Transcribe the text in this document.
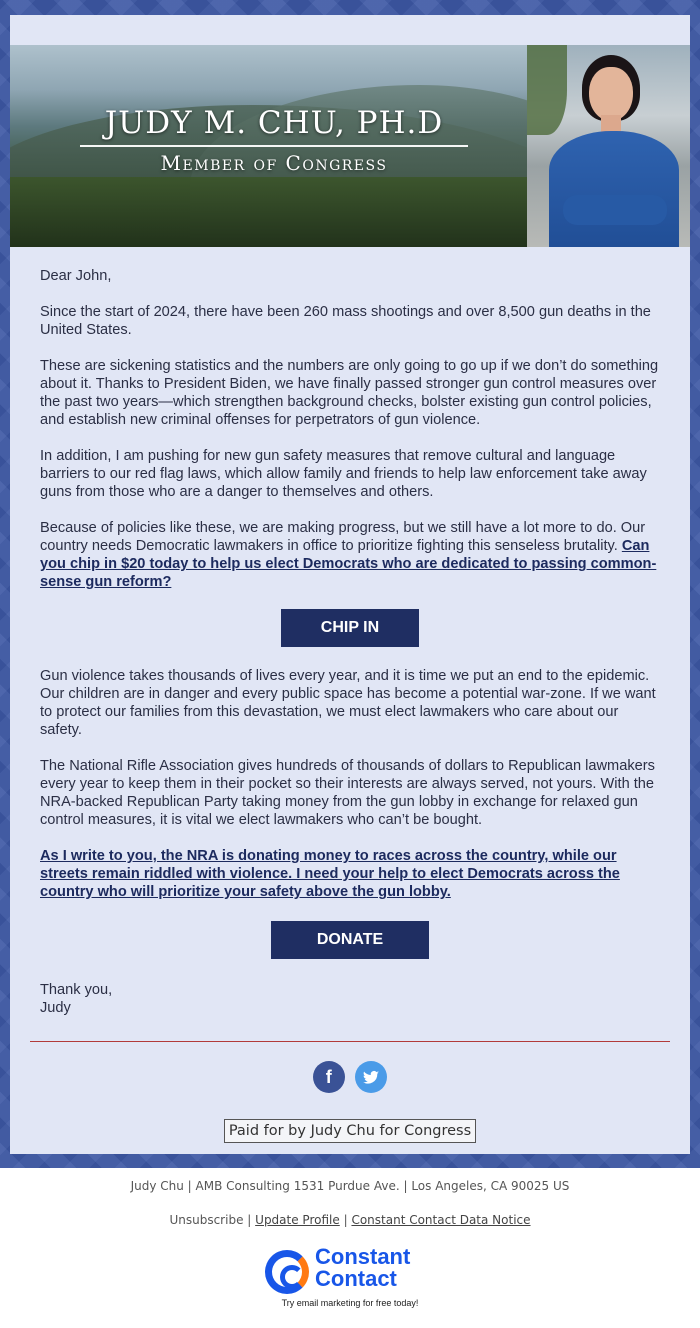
JUDY M. CHU, PH.D
Member of Congress

Dear John,

Since the start of 2024, there have been 260 mass shootings and over 8,500 gun deaths in the United States.

These are sickening statistics and the numbers are only going to go up if we don’t do something about it. Thanks to President Biden, we have finally passed stronger gun control measures over the past two years—which strengthen background checks, bolster existing gun control policies, and establish new criminal offenses for perpetrators of gun violence.

In addition, I am pushing for new gun safety measures that remove cultural and language barriers to our red flag laws, which allow family and friends to help law enforcement take away guns from those who are a danger to themselves and others.

Because of policies like these, we are making progress, but we still have a lot more to do. Our country needs Democratic lawmakers in office to prioritize fighting this senseless brutality. Can you chip in $20 today to help us elect Democrats who are dedicated to passing common-sense gun reform?

CHIP IN

Gun violence takes thousands of lives every year, and it is time we put an end to the epidemic. Our children are in danger and every public space has become a potential war-zone. If we want to protect our families from this devastation, we must elect lawmakers who care about our safety.

The National Rifle Association gives hundreds of thousands of dollars to Republican lawmakers every year to keep them in their pocket so their interests are always served, not yours. With the NRA-backed Republican Party taking money from the gun lobby in exchange for relaxed gun control measures, it is vital we elect lawmakers who can’t be bought.

As I write to you, the NRA is donating money to races across the country, while our streets remain riddled with violence. I need your help to elect Democrats across the country who will prioritize your safety above the gun lobby.

DONATE

Thank you,

Judy

f
Paid for by Judy Chu for Congress
Judy Chu | AMB Consulting 1531 Purdue Ave. | Los Angeles, CA 90025 US
Unsubscribe | Update Profile | Constant Contact Data Notice
Constant
Contact
Try email marketing for free today!
